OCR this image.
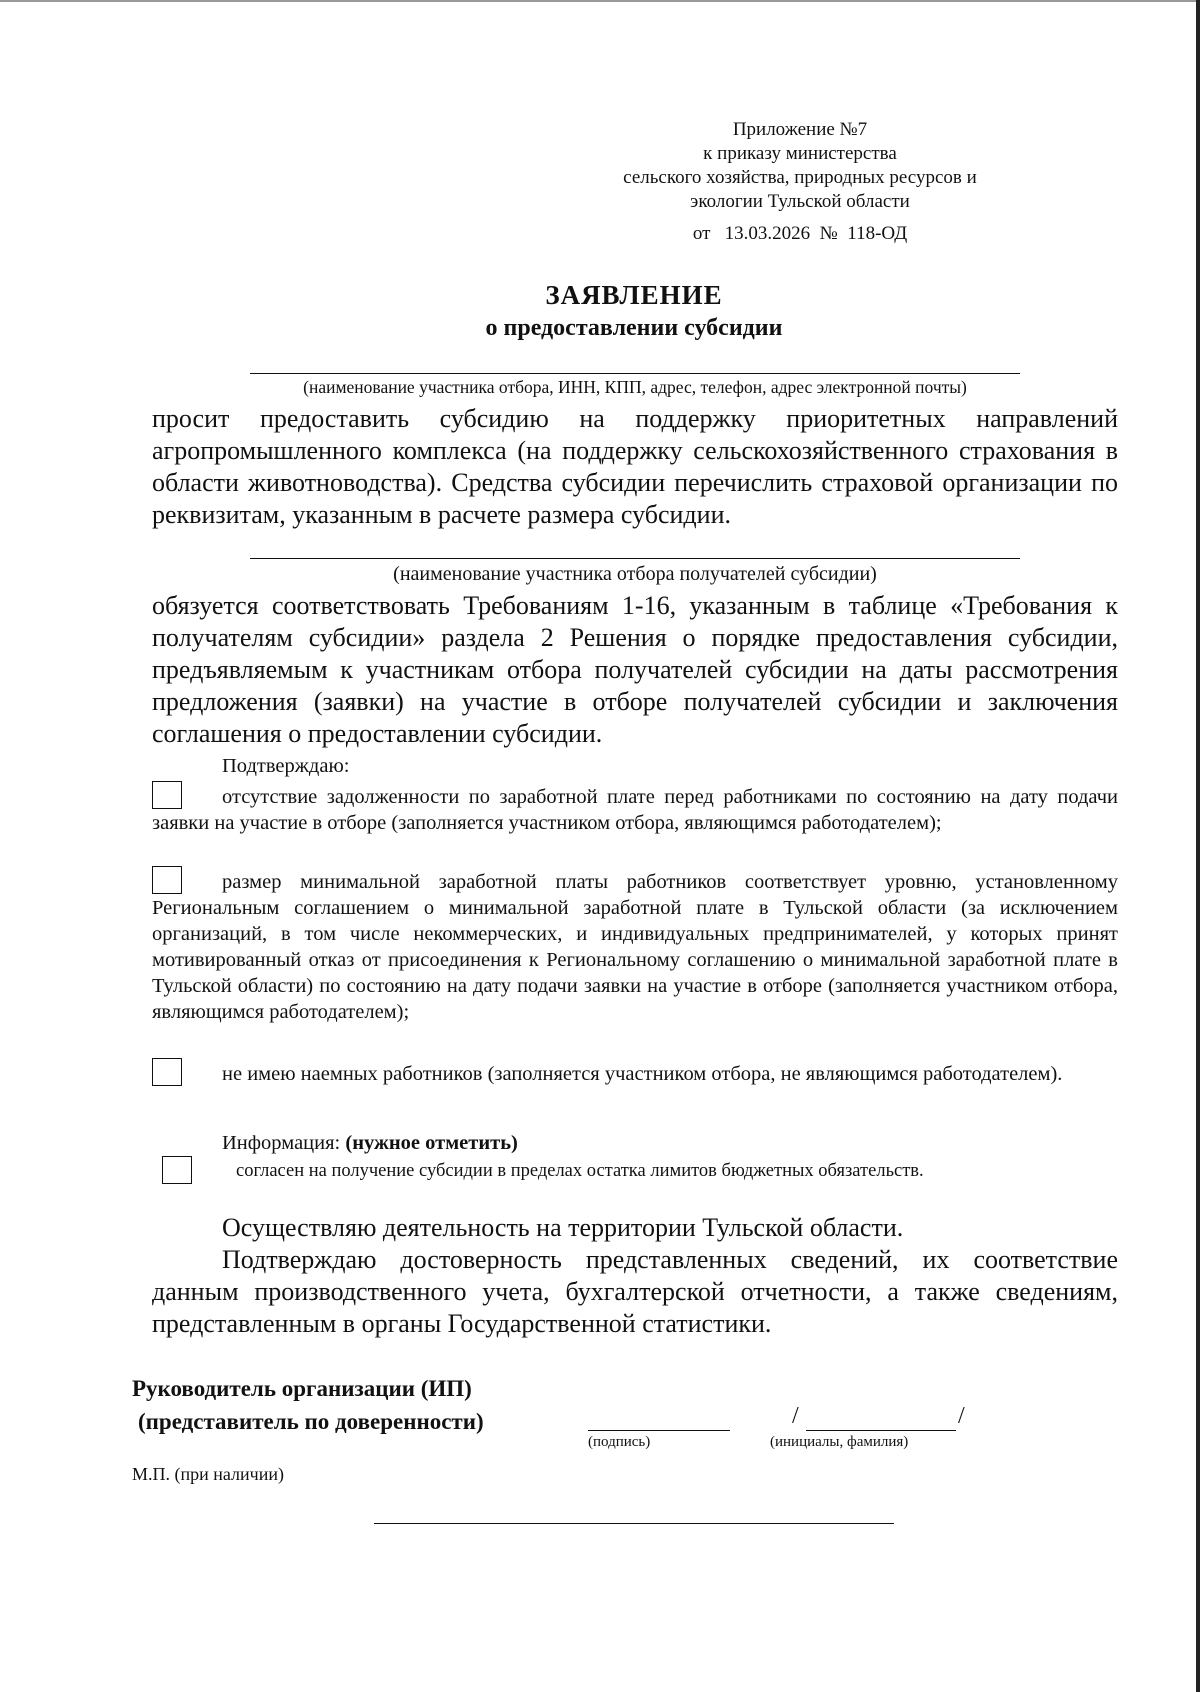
Приложение №7
к приказу министерства
сельского хозяйства, природных ресурсов и
экологии Тульской области
от 13.03.2026 № 118-ОД
ЗАЯВЛЕНИЕ
о предоставлении субсидии
(наименование участника отбора, ИНН, КПП, адрес, телефон, адрес электронной почты)
просит предоставить субсидию на поддержку приоритетных направлений агропромышленного комплекса (на поддержку сельскохозяйственного страхования в области животноводства). Средства субсидии перечислить страховой организации по реквизитам, указанным в расчете размера субсидии.
(наименование участника отбора получателей субсидии)
обязуется соответствовать Требованиям 1-16, указанным в таблице «Требования к получателям субсидии» раздела 2 Решения о порядке предоставления субсидии, предъявляемым к участникам отбора получателей субсидии на даты рассмотрения предложения (заявки) на участие в отборе получателей субсидии и заключения соглашения о предоставлении субсидии.
Подтверждаю:
отсутствие задолженности по заработной плате перед работниками по состоянию на дату подачи заявки на участие в отборе (заполняется участником отбора, являющимся работодателем);
размер минимальной заработной платы работников соответствует уровню, установленному Региональным соглашением о минимальной заработной плате в Тульской области (за исключением организаций, в том числе некоммерческих, и индивидуальных предпринимателей, у которых принят мотивированный отказ от присоединения к Региональному соглашению о минимальной заработной плате в Тульской области) по состоянию на дату подачи заявки на участие в отборе (заполняется участником отбора, являющимся работодателем);
не имею наемных работников (заполняется участником отбора, не являющимся работодателем).
Информация: (нужное отметить)
согласен на получение субсидии в пределах остатка лимитов бюджетных обязательств.
Осуществляю деятельность на территории Тульской области.
Подтверждаю достоверность представленных сведений, их соответствие данным производственного учета, бухгалтерской отчетности, а также сведениям, представленным в органы Государственной статистики.
Руководитель организации (ИП)
(представитель по доверенности)
(подпись)
/	/
(инициалы, фамилия)
М.П. (при наличии)
